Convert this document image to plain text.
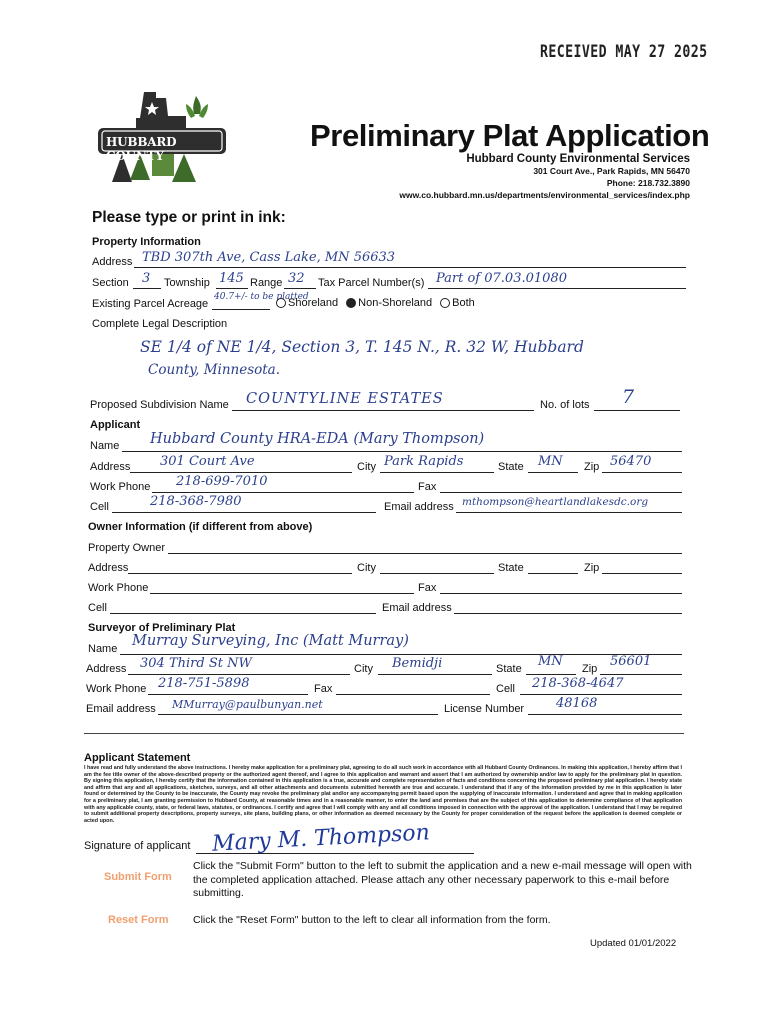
RECEIVED MAY 27 2025
HUBBARD COUNTY
Preliminary Plat Application
Hubbard County Environmental Services
301 Court Ave., Park Rapids, MN 56470
Phone: 218.732.3890
www.co.hubbard.mn.us/departments/environmental_services/index.php
Please type or print in ink:
Property Information
Address TBD 307th Ave, Cass Lake, MN 56633
Section 3 Township 145 Range 32 Tax Parcel Number(s) Part of 07.03.01080
Existing Parcel Acreage
40.7+/- to be platted
Shoreland Non-Shoreland Both
Complete Legal Description
SE 1/4 of NE 1/4, Section 3, T. 145 N., R. 32 W, Hubbard
County, Minnesota.
Proposed Subdivision Name COUNTYLINE ESTATES	No. of lots 7
Applicant
Name Hubbard County HRA-EDA (Mary Thompson)
Address 301 Court Ave	City Park Rapids	State MN Zip 56470
Work Phone 218-699-7010	Fax
Cell	218-368-7980	Email address mthompson@heartlandlakesdc.org
Owner Information (if different from above)
Property Owner
Address	City	State	Zip
Work Phone	Fax
Cell	Email address
Surveyor of Preliminary Plat
Name Murray Surveying, Inc (Matt Murray)
Address 304 Third St NW	City Bemidji	State MN Zip 56601
Work Phone 218-751-5898	Fax	Cell 218-368-4647
Email address MMurray@paulbunyan.net	License Number 48168
Applicant Statement
I have read and fully understand the above instructions. I hereby make application for a preliminary plat, agreeing to do all such work in accordance with all Hubbard County Ordinances. In making this application, I hereby affirm that I am the fee title owner of the above-described property or the authorized agent thereof, and I agree to this application and warrant and assert that I am authorized by ownership and/or law to apply for the preliminary plat in question. By signing this application, I hereby certify that the information contained in this application is a true, accurate and complete representation of facts and conditions concerning the proposed preliminary plat application. I hereby state and affirm that any and all applications, sketches, surveys, and all other attachments and documents submitted herewith are true and accurate. I understand that if any of the information provided by me in this application is later found or determined by the County to be inaccurate, the County may revoke the preliminary plat and/or any accompanying permit based upon the supplying of inaccurate information. I understand and agree that in making application for a preliminary plat, I am granting permission to Hubbard County, at reasonable times and in a reasonable manner, to enter the land and premises that are the subject of this application to determine compliance of that application with any applicable county, state, or federal laws, statutes, or ordinances. I certify and agree that I will comply with any and all conditions imposed in connection with the approval of the application. I understand that I may be required to submit additional property descriptions, property surveys, site plans, building plans, or other information as deemed necessary by the County for proper consideration of the request before the application is deemed complete or acted upon.
Signature of applicant Mary M. Thompson
Submit Form
Click the "Submit Form" button to the left to submit the application and a new e-mail message will open with the completed application attached. Please attach any other necessary paperwork to this e-mail before submitting.
Reset Form Click the "Reset Form" button to the left to clear all information from the form.
Updated 01/01/2022
